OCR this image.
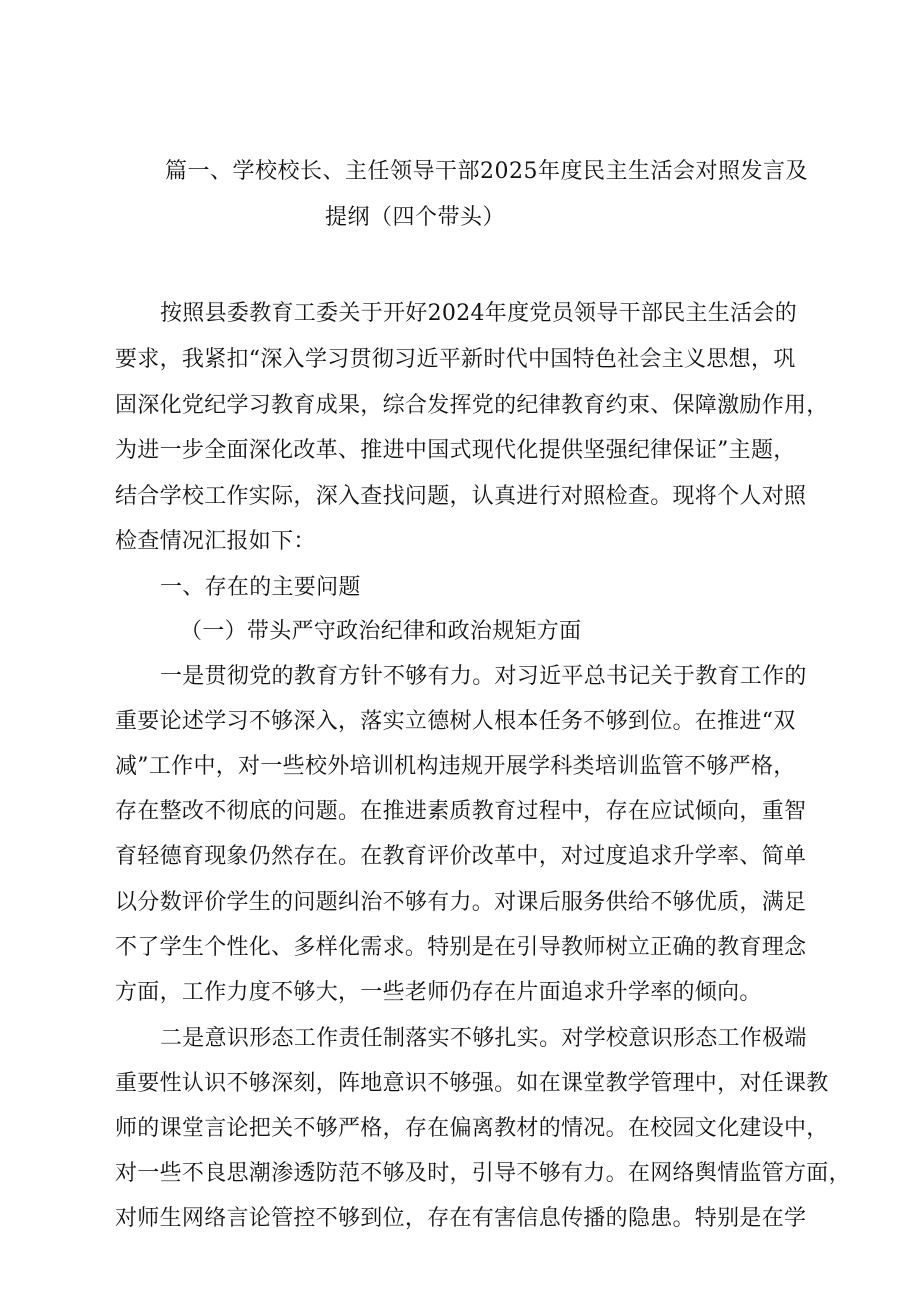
篇一、学校校长、主任领导干部2025年度民主生活会对照发言及
提纲（四个带头）
按照县委教育工委关于开好2024年度党员领导干部民主生活会的
要求，我紧扣“深入学习贯彻习近平新时代中国特色社会主义思想，巩
固深化党纪学习教育成果，综合发挥党的纪律教育约束、保障激励作用，
为进一步全面深化改革、推进中国式现代化提供坚强纪律保证”主题，
结合学校工作实际，深入查找问题，认真进行对照检查。现将个人对照
检查情况汇报如下：
一、存在的主要问题
（一）带头严守政治纪律和政治规矩方面
一是贯彻党的教育方针不够有力。对习近平总书记关于教育工作的
重要论述学习不够深入，落实立德树人根本任务不够到位。在推进“双
减”工作中，对一些校外培训机构违规开展学科类培训监管不够严格，
存在整改不彻底的问题。在推进素质教育过程中，存在应试倾向，重智
育轻德育现象仍然存在。在教育评价改革中，对过度追求升学率、简单
以分数评价学生的问题纠治不够有力。对课后服务供给不够优质，满足
不了学生个性化、多样化需求。特别是在引导教师树立正确的教育理念
方面，工作力度不够大，一些老师仍存在片面追求升学率的倾向。
二是意识形态工作责任制落实不够扎实。对学校意识形态工作极端
重要性认识不够深刻，阵地意识不够强。如在课堂教学管理中，对任课教
师的课堂言论把关不够严格，存在偏离教材的情况。在校园文化建设中，
对一些不良思潮渗透防范不够及时，引导不够有力。在网络舆情监管方面，
对师生网络言论管控不够到位，存在有害信息传播的隐患。特别是在学
